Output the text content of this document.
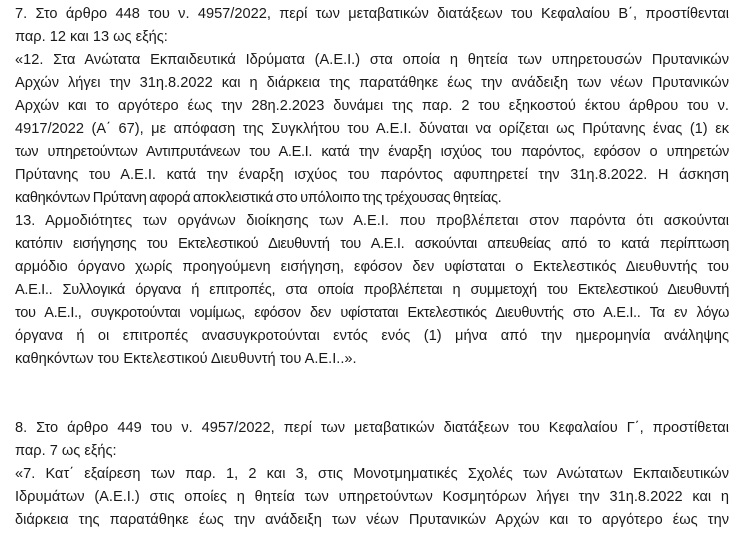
7. Στο άρθρο 448 του ν. 4957/2022, περί των μεταβατικών διατάξεων του Κεφαλαίου Β΄, προστίθενται
παρ. 12 και 13 ως εξής:
«12. Στα Ανώτατα Εκπαιδευτικά Ιδρύματα (Α.Ε.Ι.) στα οποία η θητεία των υπηρετουσών Πρυτανικών
Αρχών λήγει την 31η.8.2022 και η διάρκεια της παρατάθηκε έως την ανάδειξη των νέων Πρυτανικών
Αρχών και το αργότερο έως την 28η.2.2023 δυνάμει της παρ. 2 του εξηκοστού έκτου άρθρου του ν.
4917/2022 (Α΄ 67), με απόφαση της Συγκλήτου του Α.Ε.Ι. δύναται να ορίζεται ως Πρύτανης ένας (1) εκ
των υπηρετούντων Αντιπρυτάνεων του Α.Ε.Ι. κατά την έναρξη ισχύος του παρόντος, εφόσον ο υπηρετών
Πρύτανης του Α.Ε.Ι. κατά την έναρξη ισχύος του παρόντος αφυπηρετεί την 31η.8.2022. Η άσκηση
καθηκόντων Πρύτανη αφορά αποκλειστικά στο υπόλοιπο της τρέχουσας θητείας.
13. Αρμοδιότητες των οργάνων διοίκησης των Α.Ε.Ι. που προβλέπεται στον παρόντα ότι ασκούνται
κατόπιν εισήγησης του Εκτελεστικού Διευθυντή του Α.Ε.Ι. ασκούνται απευθείας από το κατά περίπτωση
αρμόδιο όργανο χωρίς προηγούμενη εισήγηση, εφόσον δεν υφίσταται ο Εκτελεστικός Διευθυντής του
Α.Ε.Ι.. Συλλογικά όργανα ή επιτροπές, στα οποία προβλέπεται η συμμετοχή του Εκτελεστικού Διευθυντή
του Α.Ε.Ι., συγκροτούνται νομίμως, εφόσον δεν υφίσταται Εκτελεστικός Διευθυντής στο Α.Ε.Ι.. Τα εν λόγω
όργανα ή οι επιτροπές ανασυγκροτούνται εντός ενός (1) μήνα από την ημερομηνία ανάληψης
καθηκόντων του Εκτελεστικού Διευθυντή του Α.Ε.Ι..».
8. Στο άρθρο 449 του ν. 4957/2022, περί των μεταβατικών διατάξεων του Κεφαλαίου Γ΄, προστίθεται
παρ. 7 ως εξής:
«7. Κατ΄ εξαίρεση των παρ. 1, 2 και 3, στις Μονοτμηματικές Σχολές των Ανώτατων Εκπαιδευτικών
Ιδρυμάτων (Α.Ε.Ι.) στις οποίες η θητεία των υπηρετούντων Κοσμητόρων λήγει την 31η.8.2022 και η
διάρκεια της παρατάθηκε έως την ανάδειξη των νέων Πρυτανικών Αρχών και το αργότερο έως την
